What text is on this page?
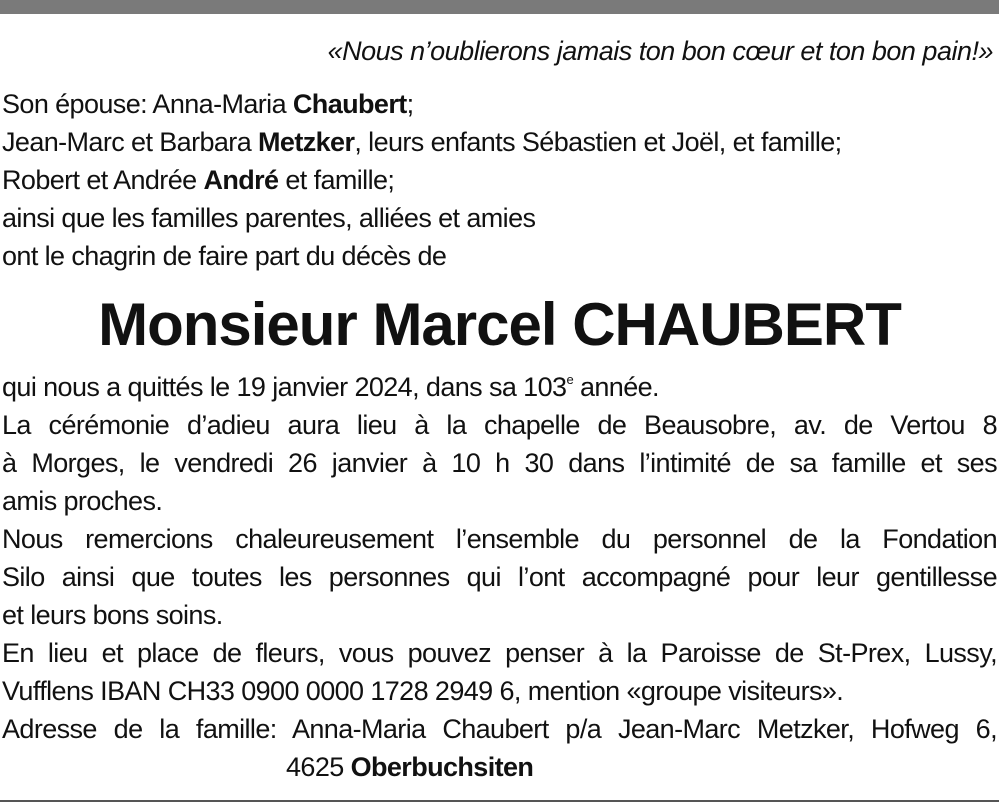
«Nous n’oublierons jamais ton bon cœur et ton bon pain!»
Son épouse: Anna-Maria Chaubert;
Jean-Marc et Barbara Metzker, leurs enfants Sébastien et Joël, et famille;
Robert et Andrée André et famille;
ainsi que les familles parentes, alliées et amies
ont le chagrin de faire part du décès de
Monsieur Marcel CHAUBERT
qui nous a quittés le 19 janvier 2024, dans sa 103e année.
La cérémonie d’adieu aura lieu à la chapelle de Beausobre, av. de Vertou 8
à Morges, le vendredi 26 janvier à 10 h 30 dans l’intimité de sa famille et ses
amis proches.
Nous remercions chaleureusement l’ensemble du personnel de la Fondation
Silo ainsi que toutes les personnes qui l’ont accompagné pour leur gentillesse
et leurs bons soins.
En lieu et place de fleurs, vous pouvez penser à la Paroisse de St-Prex, Lussy,
Vufflens IBAN CH33 0900 0000 1728 2949 6, mention «groupe visiteurs».
Adresse de la famille: Anna-Maria Chaubert p/a Jean-Marc Metzker, Hofweg 6,
4625 Oberbuchsiten
